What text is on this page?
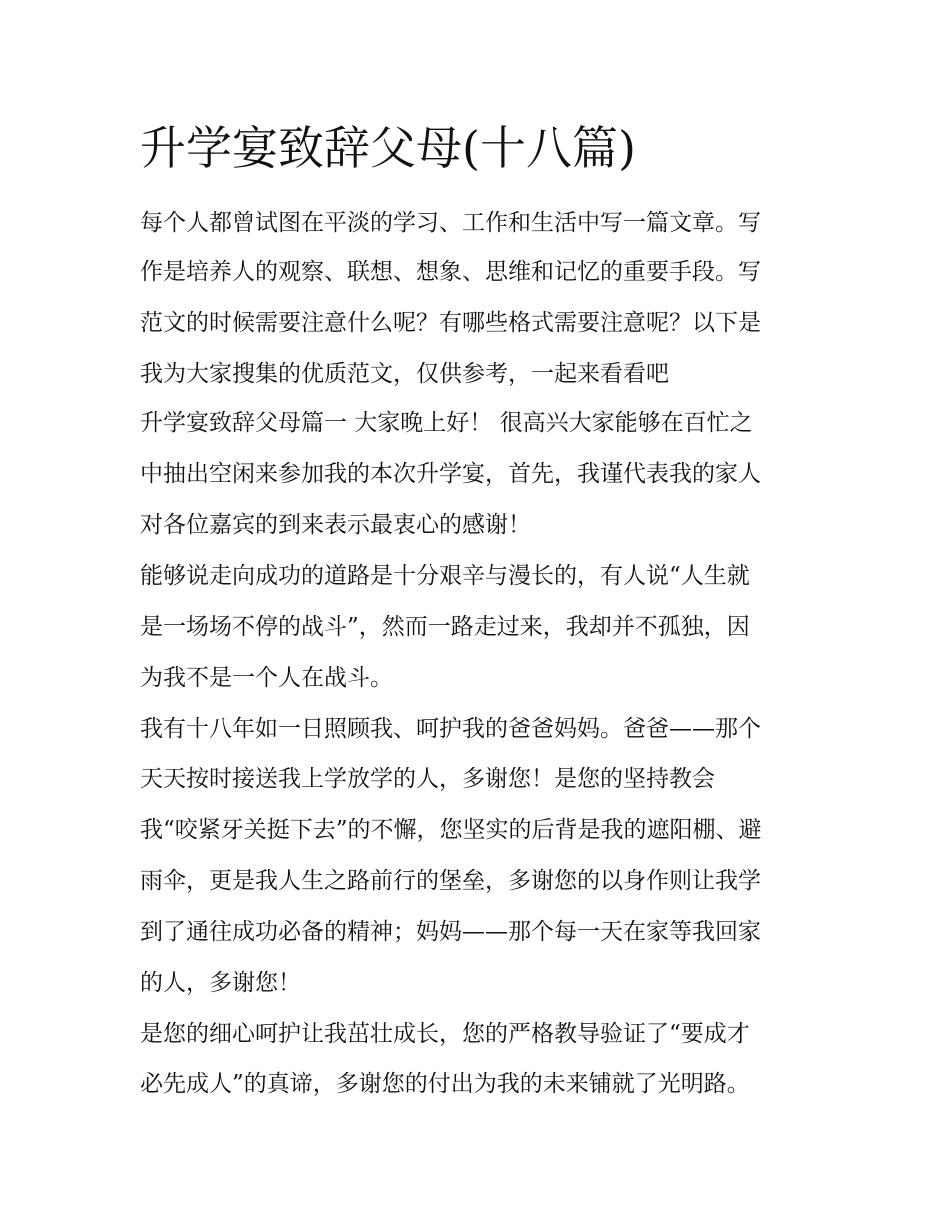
升学宴致辞父母(十八篇)

每个人都曾试图在平淡的学习、工作和生活中写一篇文章。写

作是培养人的观察、联想、想象、思维和记忆的重要手段。写

范文的时候需要注意什么呢？有哪些格式需要注意呢？以下是

我为大家搜集的优质范文，仅供参考，一起来看看吧

升学宴致辞父母篇一 大家晚上好！ 很高兴大家能够在百忙之

中抽出空闲来参加我的本次升学宴，首先，我谨代表我的家人

对各位嘉宾的到来表示最衷心的感谢！

能够说走向成功的道路是十分艰辛与漫长的，有人说“人生就

是一场场不停的战斗”，然而一路走过来，我却并不孤独，因

为我不是一个人在战斗。

我有十八年如一日照顾我、呵护我的爸爸妈妈。爸爸——那个

天天按时接送我上学放学的人，多谢您！是您的坚持教会

我“咬紧牙关挺下去”的不懈，您坚实的后背是我的遮阳棚、避

雨伞，更是我人生之路前行的堡垒，多谢您的以身作则让我学

到了通往成功必备的精神；妈妈——那个每一天在家等我回家

的人，多谢您！

是您的细心呵护让我茁壮成长，您的严格教导验证了“要成才

必先成人”的真谛，多谢您的付出为我的未来铺就了光明路。
